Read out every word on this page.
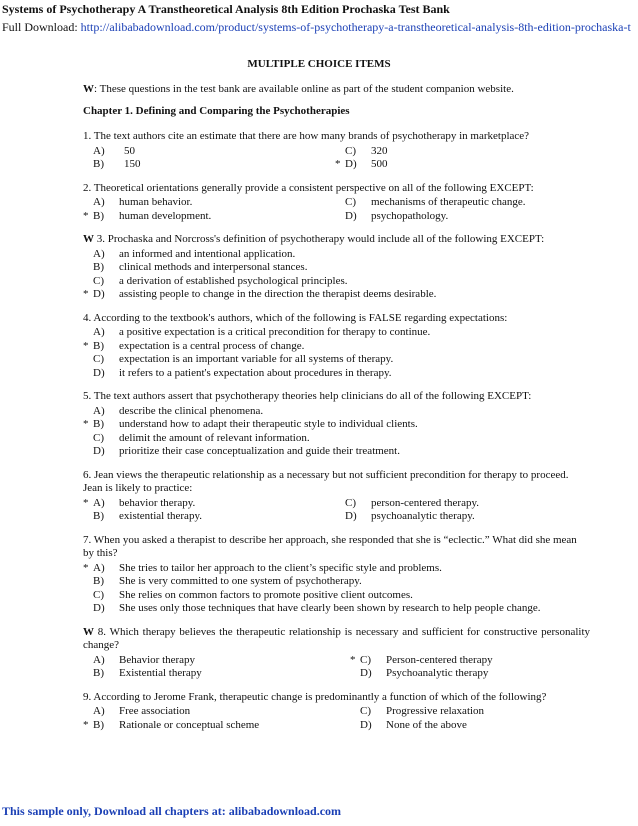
Systems of Psychotherapy A Transtheoretical Analysis 8th Edition Prochaska Test Bank
Full Download: http://alibabadownload.com/product/systems-of-psychotherapy-a-transtheoretical-analysis-8th-edition-prochaska-t
MULTIPLE CHOICE ITEMS

W: These questions in the test bank are available online as part of the student companion website.

Chapter 1. Defining and Comparing the Psychotherapies

1. The text authors cite an estimate that there are how many brands of psychotherapy in marketplace?
A)	50	C)	320
B)	150	* D)	500
2. Theoretical orientations generally provide a consistent perspective on all of the following EXCEPT:
A)	human behavior.	C)	mechanisms of therapeutic change.
* B)	human development.	D)	psychopathology.
W 3. Prochaska and Norcross's definition of psychotherapy would include all of the following EXCEPT:
A)	an informed and intentional application.
B)	clinical methods and interpersonal stances.
C)	a derivation of established psychological principles.
* D)	assisting people to change in the direction the therapist deems desirable.
4. According to the textbook's authors, which of the following is FALSE regarding expectations:
A)	a positive expectation is a critical precondition for therapy to continue.
* B)	expectation is a central process of change.
C)	expectation is an important variable for all systems of therapy.
D)	it refers to a patient's expectation about procedures in therapy.
5. The text authors assert that psychotherapy theories help clinicians do all of the following EXCEPT:
A)	describe the clinical phenomena.
* B)	understand how to adapt their therapeutic style to individual clients.
C)	delimit the amount of relevant information.
D)	prioritize their case conceptualization and guide their treatment.
6. Jean views the therapeutic relationship as a necessary but not sufficient precondition for therapy to proceed. Jean is likely to practice:
* A)	behavior therapy.	C)	person-centered therapy.
B)	existential therapy.	D)	psychoanalytic therapy.
7. When you asked a therapist to describe her approach, she responded that she is “eclectic.” What did she mean by this?
* A)	She tries to tailor her approach to the client’s specific style and problems.
B)	She is very committed to one system of psychotherapy.
C)	She relies on common factors to promote positive client outcomes.
D)	She uses only those techniques that have clearly been shown by research to help people change.
W 8. Which therapy believes the therapeutic relationship is necessary and sufficient for constructive personality change?
A)	Behavior therapy	* C)	Person-centered therapy
B)	Existential therapy	D)	Psychoanalytic therapy
9. According to Jerome Frank, therapeutic change is predominantly a function of which of the following?
A)	Free association	C)	Progressive relaxation
* B)	Rationale or conceptual scheme	D)	None of the above
This sample only, Download all chapters at: alibabadownload.com
